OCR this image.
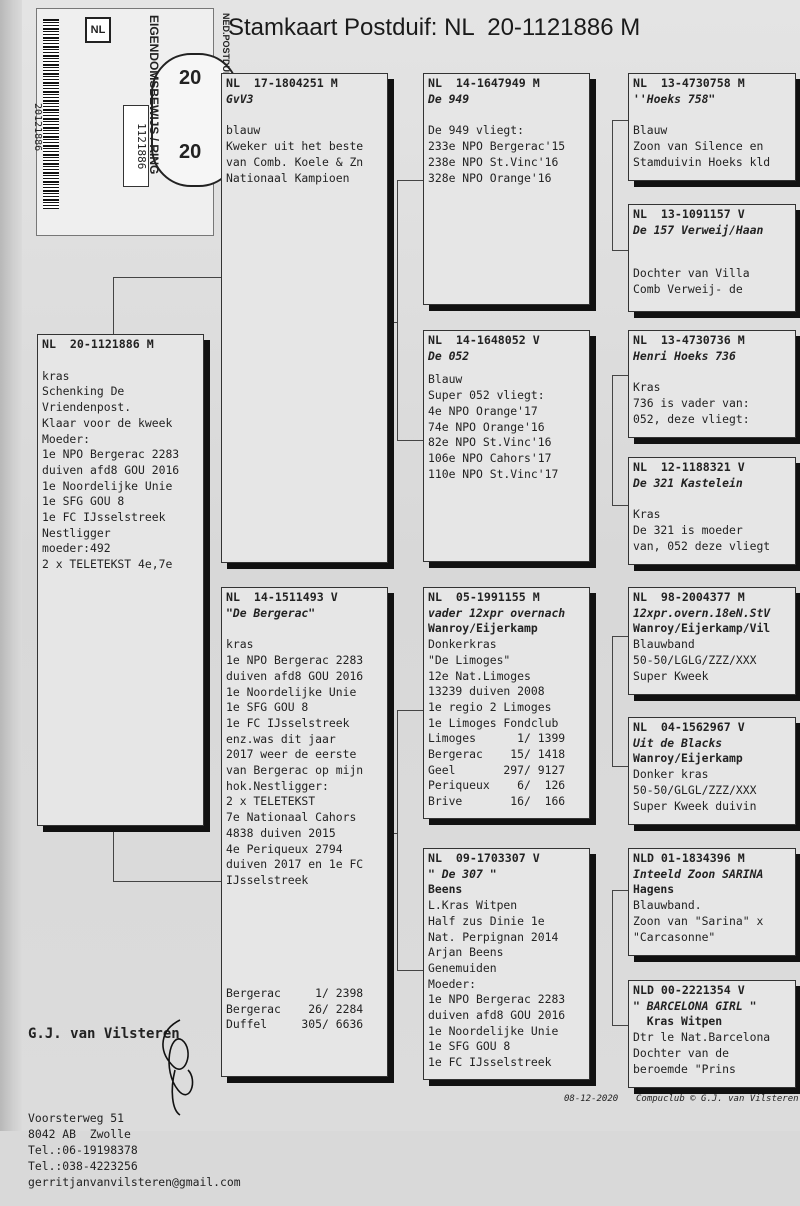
Stamkaart Postduif: NL  20-1121886 M
20121886
NL
1121886
20
20
EIGENDOMSBEWIJS / RING
NL  20-1121886 M
kras
Schenking De
Vriendenpost.
Klaar voor de kweek
Moeder:
1e NPO Bergerac 2283
duiven afd8 GOU 2016
1e Noordelijke Unie
1e SFG GOU 8
1e FC IJsselstreek
Nestligger
moeder:492
2 x TELETEKST 4e,7e
NL  17-1804251 M
GvV3
blauw
Kweker uit het beste
van Comb. Koele & Zn
Nationaal Kampioen
NL  14-1511493 V
"De Bergerac"
kras
1e NPO Bergerac 2283
duiven afd8 GOU 2016
1e Noordelijke Unie
1e SFG GOU 8
1e FC IJsselstreek
enz.was dit jaar
2017 weer de eerste
van Bergerac op mijn
hok.Nestligger:
2 x TELETEKST
7e Nationaal Cahors
4838 duiven 2015
4e Periqueux 2794
duiven 2017 en 1e FC
IJsselstreek
Bergerac     1/ 2398
Bergerac    26/ 2284
Duffel     305/ 6636
NL  14-1647949 M
De 949
De 949 vliegt:
233e NPO Bergerac'15
238e NPO St.Vinc'16
328e NPO Orange'16
NL  14-1648052 V
De 052
Blauw
Super 052 vliegt:
4e NPO Orange'17
74e NPO Orange'16
82e NPO St.Vinc'16
106e NPO Cahors'17
110e NPO St.Vinc'17
NL  05-1991155 M
vader 12xpr overnach
Wanroy/Eijerkamp
Donkerkras
"De Limoges"
12e Nat.Limoges
13239 duiven 2008
1e regio 2 Limoges
1e Limoges Fondclub
Limoges      1/ 1399
Bergerac    15/ 1418
Geel       297/ 9127
Periqueux    6/  126
Brive       16/  166
NL  09-1703307 V
" De 307 "
Beens
L.Kras Witpen
Half zus Dinie 1e
Nat. Perpignan 2014
Arjan Beens
Genemuiden
Moeder:
1e NPO Bergerac 2283
duiven afd8 GOU 2016
1e Noordelijke Unie
1e SFG GOU 8
1e FC IJsselstreek
NL  13-4730758 M
''Hoeks 758"
Blauw
Zoon van Silence en
Stamduivin Hoeks kld
NL  13-1091157 V
De 157 Verweij/Haan

Dochter van Villa
Comb Verweij- de
NL  13-4730736 M
Henri Hoeks 736

Kras
736 is vader van:
052, deze vliegt:
NL  12-1188321 V
De 321 Kastelein

Kras
De 321 is moeder
van, 052 deze vliegt
NL  98-2004377 M
12xpr.overn.18eN.StV
Wanroy/Eijerkamp/Vil
Blauwband
50-50/LGLG/ZZZ/XXX
Super Kweek
NL  04-1562967 V
Uit de Blacks
Wanroy/Eijerkamp
Donker kras
50-50/GLGL/ZZZ/XXX
Super Kweek duivin
NLD 01-1834396 M
Inteeld Zoon SARINA
Hagens
Blauwband.
Zoon van "Sarina" x
"Carcasonne"
NLD 00-2221354 V
" BARCELONA GIRL "
Kras Witpen
Dtr le Nat.Barcelona
Dochter van de
beroemde "Prins

G.J. van Vilsteren

Voorsterweg 51
8042 AB  Zwolle
Tel.:06-19198378
Tel.:038-4223256
gerritjanvanvilsteren@gmail.com

08-12-2020 Compuclub © G.J. van Vilsteren
